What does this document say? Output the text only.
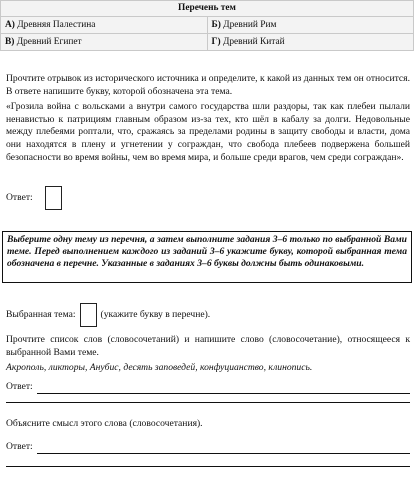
Перечень тем	
А) Древняя Палестина	Б) Древний Рим
В) Древний Египет	Г) Древний Китай
Прочтите отрывок из исторического источника и определите, к какой из данных тем он относится. В ответе напишите букву, которой обозначена эта тема.
«Грозила война с вольсками а внутри самого государства шли раздоры, так как плебеи пылали ненавистью к патрициям главным образом из-за тех, кто шёл в кабалу за долги. Недовольные между плебеями роптали, что, сражаясь за пределами родины в защиту свободы и власти, дома они находятся в плену и угнетении у сограждан, что свобода плебеев подвержена большей безопасности во время войны, чем во время мира, и больше среди врагов, чем среди сограждан».
Ответ:
Выберите одну тему из перечня, а затем выполните задания 3–6 только по выбранной Вами теме. Перед выполнением каждого из заданий 3–6 укажите букву, которой выбранная тема обозначена в перечне. Указанные в заданиях 3–6 буквы должны быть одинаковыми.
Выбранная тема:	(укажите букву в перечне).
Прочтите список слов (словосочетаний) и напишите слово (словосочетание), относящееся к выбранной Вами теме.
Акрополь, ликторы, Анубис, десять заповедей, конфуцианство, клинопись.
Ответ:
Объясните смысл этого слова (словосочетания).
Ответ:
